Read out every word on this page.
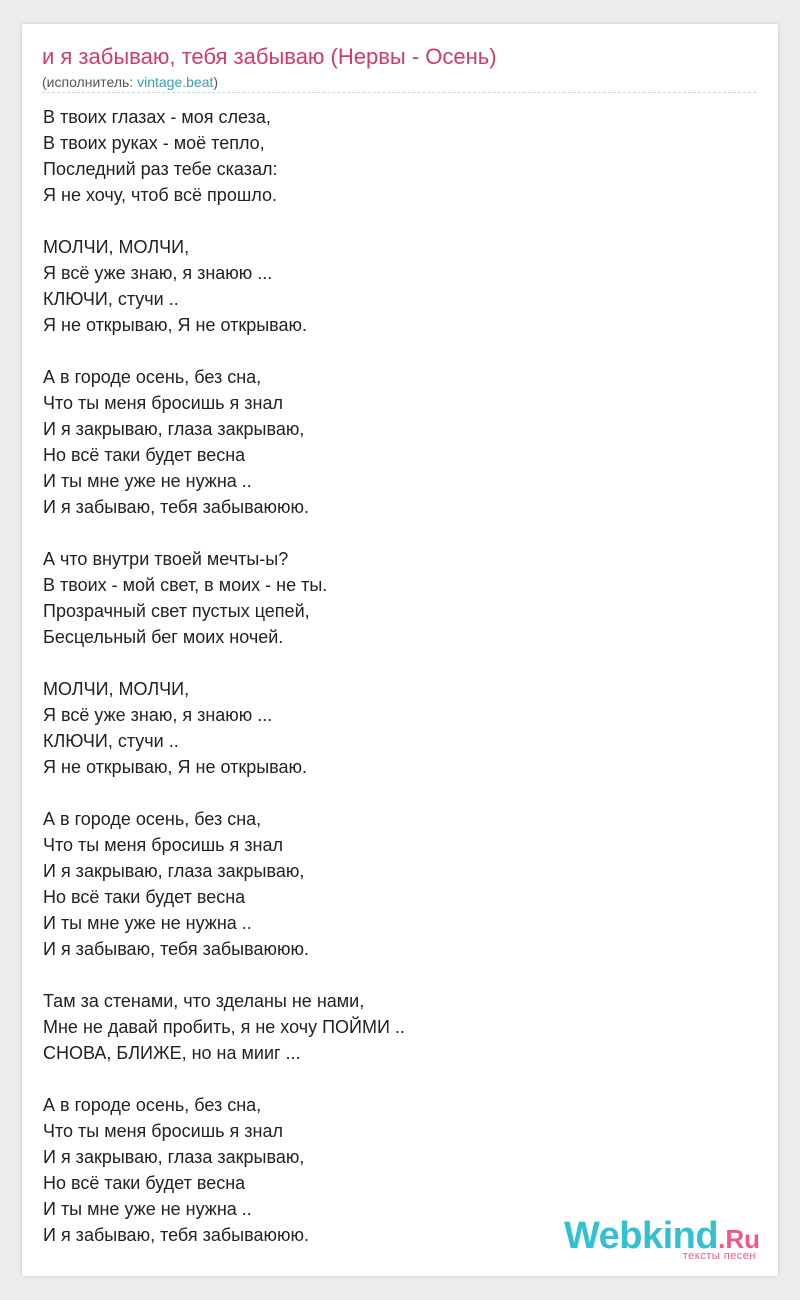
и я забываю, тебя забываю (Нервы - Осень)
(исполнитель: vintage.beat)
В твоих глазах - моя слеза,
В твоих руках - моё тепло,
Последний раз тебе сказал:
Я не хочу, чтоб всё прошло.
МОЛЧИ, МОЛЧИ,
Я всё уже знаю, я знаюю ...
КЛЮЧИ, стучи ..
Я не открываю, Я не открываю.
А в городе осень, без сна,
Что ты меня бросишь я знал
И я закрываю, глаза закрываю,
Но всё таки будет весна
И ты мне уже не нужна ..
И я забываю, тебя забываююю.
А что внутри твоей мечты-ы?
В твоих - мой свет, в моих - не ты.
Прозрачный свет пустых цепей,
Бесцельный бег моих ночей.
МОЛЧИ, МОЛЧИ,
Я всё уже знаю, я знаюю ...
КЛЮЧИ, стучи ..
Я не открываю, Я не открываю.
А в городе осень, без сна,
Что ты меня бросишь я знал
И я закрываю, глаза закрываю,
Но всё таки будет весна
И ты мне уже не нужна ..
И я забываю, тебя забываююю.
Там за стенами, что зделаны не нами,
Мне не давай пробить, я не хочу ПОЙМИ ..
СНОВА, БЛИЖЕ, но на мииг ...
А в городе осень, без сна,
Что ты меня бросишь я знал
И я закрываю, глаза закрываю,
Но всё таки будет весна
И ты мне уже не нужна ..
И я забываю, тебя забываююю.	Webkind.Ru
тексты песен
